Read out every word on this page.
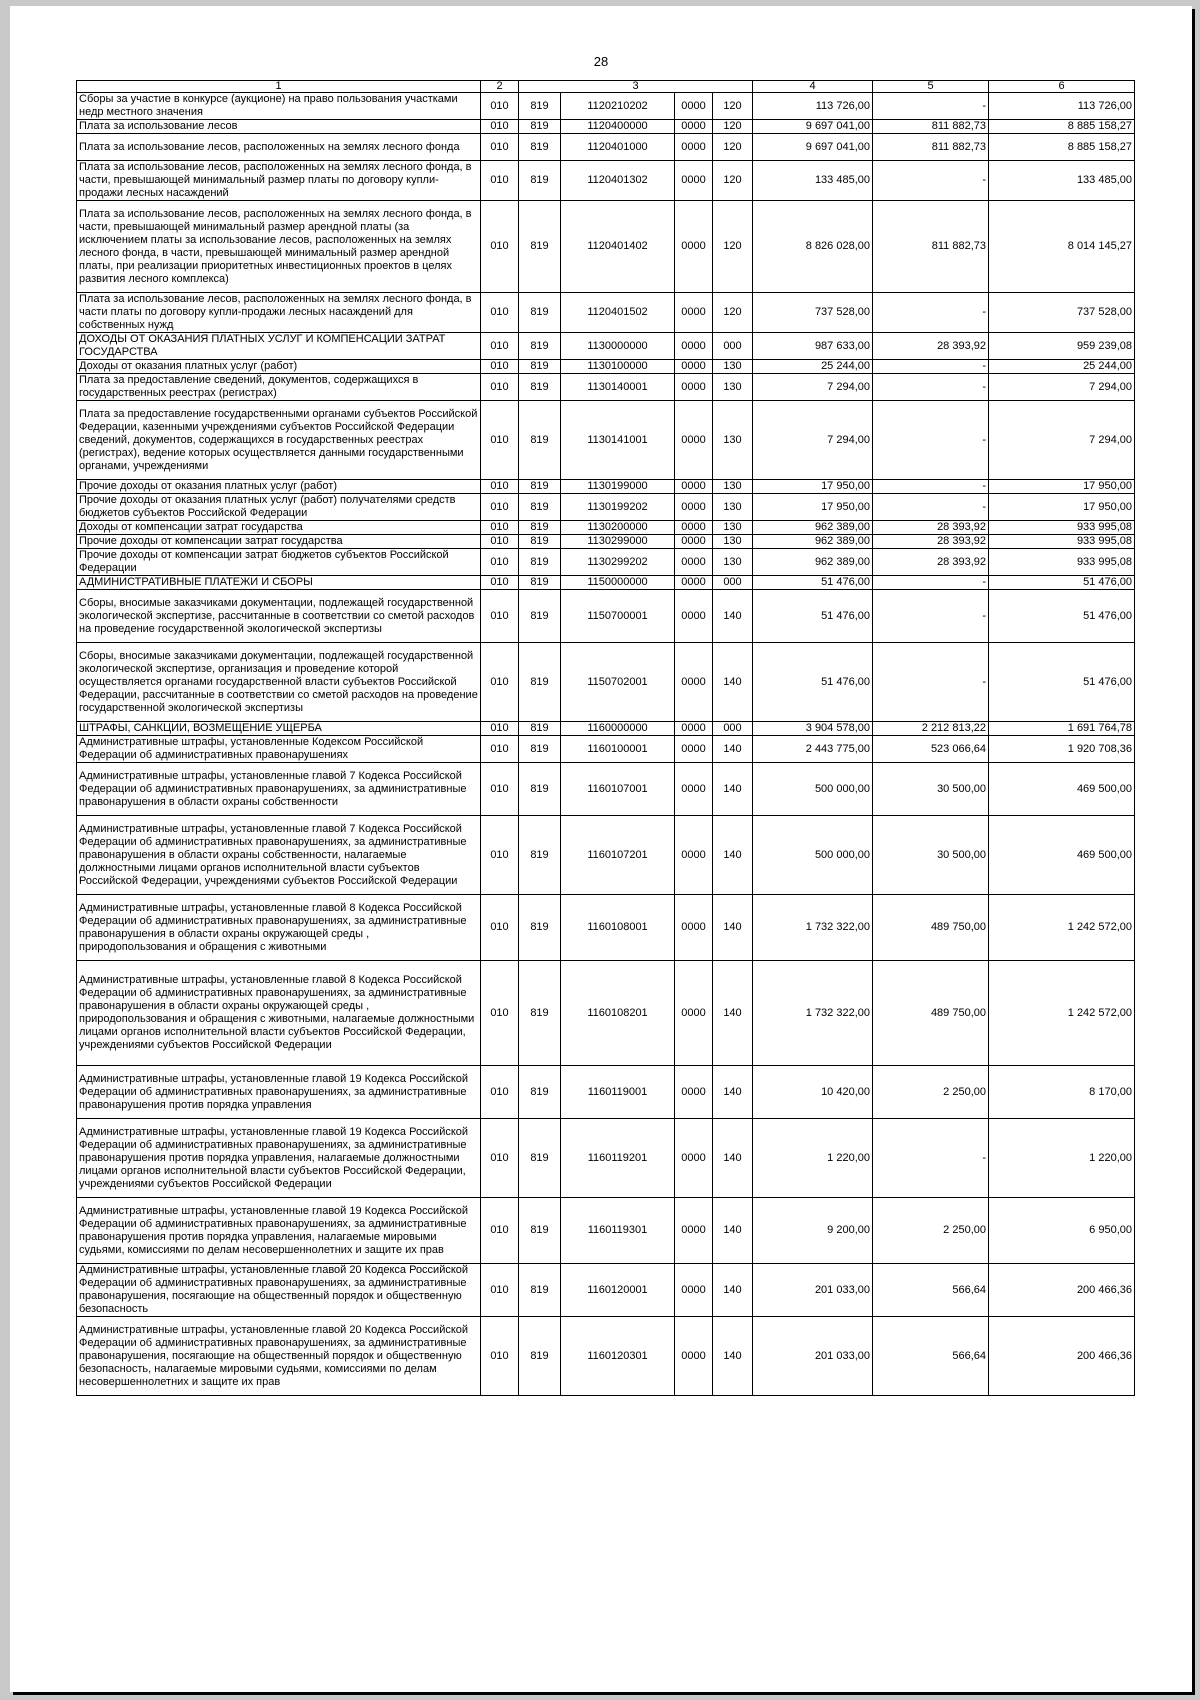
28
1	2	3				4	5	6
Сборы за участие в конкурсе (аукционе) на право пользования участками недр местного значения	010	819	1120210202	0000	120	113 726,00	-	113 726,00
Плата за использование лесов	010	819	1120400000	0000	120	9 697 041,00	811 882,73	8 885 158,27
Плата за использование лесов, расположенных на землях лесного фонда	010	819	1120401000	0000	120	9 697 041,00	811 882,73	8 885 158,27
Плата за использование лесов, расположенных на землях лесного фонда, в части, превышающей минимальный размер платы по договору купли-продажи лесных насаждений	010	819	1120401302	0000	120	133 485,00	-	133 485,00
Плата за использование лесов, расположенных на землях лесного фонда, в части, превышающей минимальный размер арендной платы (за исключением платы за использование лесов, расположенных на землях лесного фонда, в части, превышающей минимальный размер арендной платы, при реализации приоритетных инвестиционных проектов в целях развития лесного комплекса)	010	819	1120401402	0000	120	8 826 028,00	811 882,73	8 014 145,27
Плата за использование лесов, расположенных на землях лесного фонда, в части платы по договору купли-продажи лесных насаждений для собственных нужд	010	819	1120401502	0000	120	737 528,00	-	737 528,00
ДОХОДЫ ОТ ОКАЗАНИЯ ПЛАТНЫХ УСЛУГ И КОМПЕНСАЦИИ ЗАТРАТ ГОСУДАРСТВА	010	819	1130000000	0000	000	987 633,00	28 393,92	959 239,08
Доходы от оказания платных услуг (работ)	010	819	1130100000	0000	130	25 244,00	-	25 244,00
Плата за предоставление сведений, документов, содержащихся в государственных реестрах (регистрах)	010	819	1130140001	0000	130	7 294,00	-	7 294,00
Плата за предоставление государственными органами субъектов Российской Федерации, казенными учреждениями субъектов Российской Федерации сведений, документов, содержащихся в государственных реестрах (регистрах), ведение которых осуществляется данными государственными органами, учреждениями	010	819	1130141001	0000	130	7 294,00	-	7 294,00
Прочие доходы от оказания платных услуг (работ)	010	819	1130199000	0000	130	17 950,00	-	17 950,00
Прочие доходы от оказания платных услуг (работ) получателями средств бюджетов субъектов Российской Федерации	010	819	1130199202	0000	130	17 950,00	-	17 950,00
Доходы от компенсации затрат государства	010	819	1130200000	0000	130	962 389,00	28 393,92	933 995,08
Прочие доходы от компенсации затрат государства	010	819	1130299000	0000	130	962 389,00	28 393,92	933 995,08
Прочие доходы от компенсации затрат бюджетов субъектов Российской Федерации	010	819	1130299202	0000	130	962 389,00	28 393,92	933 995,08
АДМИНИСТРАТИВНЫЕ ПЛАТЕЖИ И СБОРЫ	010	819	1150000000	0000	000	51 476,00	-	51 476,00
Сборы, вносимые заказчиками документации, подлежащей государственной экологической экспертизе, рассчитанные в соответствии со сметой расходов на проведение государственной экологической экспертизы	010	819	1150700001	0000	140	51 476,00	-	51 476,00
Сборы, вносимые заказчиками документации, подлежащей государственной экологической экспертизе, организация и проведение которой осуществляется органами государственной власти субъектов Российской Федерации, рассчитанные в соответствии со сметой расходов на проведение государственной экологической экспертизы	010	819	1150702001	0000	140	51 476,00	-	51 476,00
ШТРАФЫ, САНКЦИИ, ВОЗМЕЩЕНИЕ УЩЕРБА	010	819	1160000000	0000	000	3 904 578,00	2 212 813,22	1 691 764,78
Административные штрафы, установленные Кодексом Российской Федерации об административных правонарушениях	010	819	1160100001	0000	140	2 443 775,00	523 066,64	1 920 708,36
Административные штрафы, установленные главой 7 Кодекса Российской Федерации об административных правонарушениях, за административные правонарушения в области охраны собственности	010	819	1160107001	0000	140	500 000,00	30 500,00	469 500,00
Административные штрафы, установленные главой 7 Кодекса Российской Федерации об административных правонарушениях, за административные правонарушения в области охраны собственности, налагаемые должностными лицами органов исполнительной власти субъектов Российской Федерации, учреждениями субъектов Российской Федерации	010	819	1160107201	0000	140	500 000,00	30 500,00	469 500,00
Административные штрафы, установленные главой 8 Кодекса Российской Федерации об административных правонарушениях, за административные правонарушения в области охраны окружающей среды , природопользования и обращения с животными	010	819	1160108001	0000	140	1 732 322,00	489 750,00	1 242 572,00
Административные штрафы, установленные главой 8 Кодекса Российской Федерации об административных правонарушениях, за административные правонарушения в области охраны окружающей среды , природопользования и обращения с животными, налагаемые должностными лицами органов исполнительной власти субъектов Российской Федерации, учреждениями субъектов Российской Федерации	010	819	1160108201	0000	140	1 732 322,00	489 750,00	1 242 572,00
Административные штрафы, установленные главой 19 Кодекса Российской Федерации об административных правонарушениях, за административные правонарушения против порядка управления	010	819	1160119001	0000	140	10 420,00	2 250,00	8 170,00
Административные штрафы, установленные главой 19 Кодекса Российской Федерации об административных правонарушениях, за административные правонарушения против порядка управления, налагаемые должностными лицами органов исполнительной власти субъектов Российской Федерации, учреждениями субъектов Российской Федерации	010	819	1160119201	0000	140	1 220,00	-	1 220,00
Административные штрафы, установленные главой 19 Кодекса Российской Федерации об административных правонарушениях, за административные правонарушения против порядка управления, налагаемые мировыми судьями, комиссиями по делам несовершеннолетних и защите их прав	010	819	1160119301	0000	140	9 200,00	2 250,00	6 950,00
Административные штрафы, установленные главой 20 Кодекса Российской Федерации об административных правонарушениях, за административные правонарушения, посягающие на общественный порядок и общественную безопасность	010	819	1160120001	0000	140	201 033,00	566,64	200 466,36
Административные штрафы, установленные главой 20 Кодекса Российской Федерации об административных правонарушениях, за административные правонарушения, посягающие на общественный порядок и общественную безопасность, налагаемые мировыми судьями, комиссиями по делам несовершеннолетних и защите их прав	010	819	1160120301	0000	140	201 033,00	566,64	200 466,36
